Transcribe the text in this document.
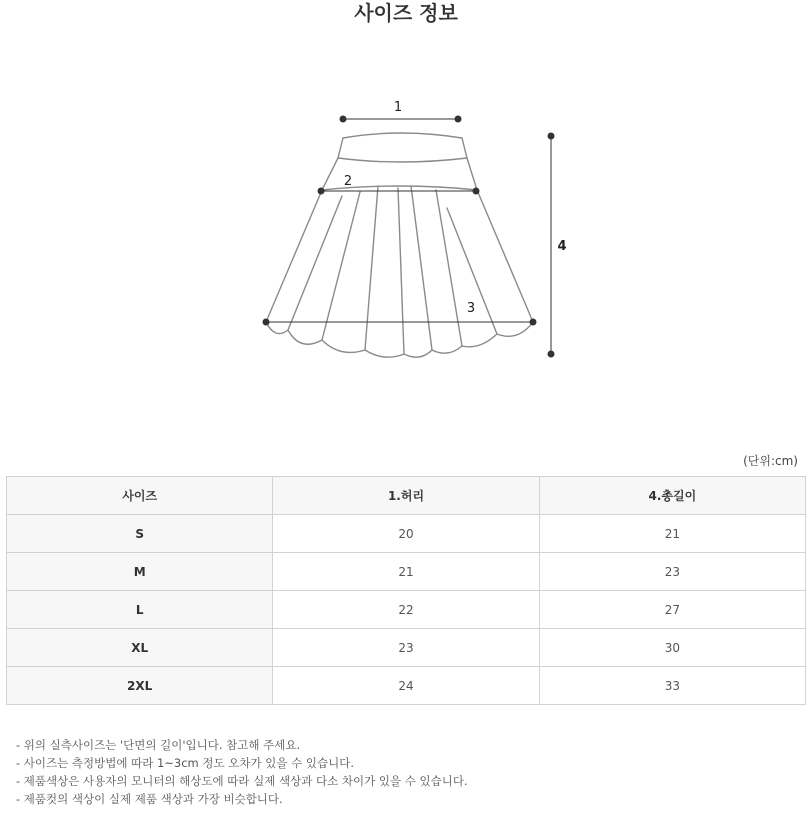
사이즈 정보
1
2
3
4
(단위:cm)
사이즈	1.허리	4.총길이
S	20	21
M	21	23
L	22	27
XL	23	30
2XL	24	33
- 위의 실측사이즈는 '단면의 길이'입니다. 참고해 주세요.
- 사이즈는 측정방법에 따라 1~3cm 정도 오차가 있을 수 있습니다.
- 제품색상은 사용자의 모니터의 해상도에 따라 실제 색상과 다소 차이가 있을 수 있습니다.
- 제품컷의 색상이 실제 제품 색상과 가장 비슷합니다.
